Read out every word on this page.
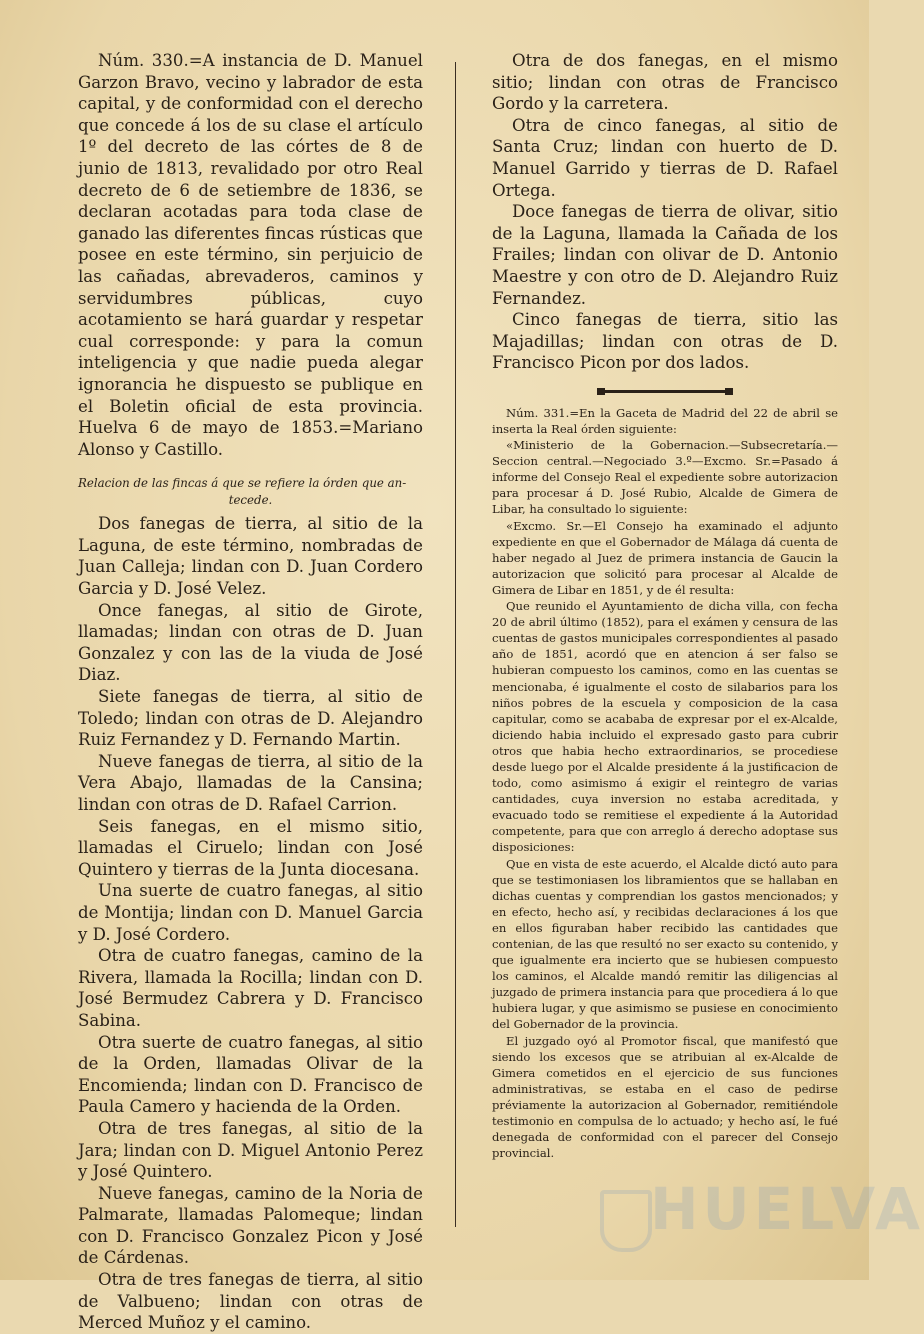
Núm. 330.=A instancia de D. Manuel Garzon Bravo, vecino y labrador de esta capital, y de conformidad con el derecho que concede á los de su clase el artículo 1º del decreto de las córtes de 8 de junio de 1813, revalidado por otro Real decreto de 6 de setiembre de 1836, se declaran acotadas para toda clase de ganado las diferentes fincas rústicas que posee en este término, sin perjuicio de las cañadas, abrevaderos, caminos y servidumbres públicas, cuyo acotamiento se hará guardar y respetar cual corresponde: y para la comun inteligencia y que nadie pueda alegar ignorancia he dispuesto se publique en el Boletin oficial de esta provincia. Huelva 6 de mayo de 1853.=Mariano Alonso y Castillo.

Relacion de las fincas á que se refiere la órden que an-
tecede.

Dos fanegas de tierra, al sitio de la Laguna, de este término, nombradas de Juan Calleja; lindan con D. Juan Cordero Garcia y D. José Velez.

Once fanegas, al sitio de Girote, llamadas; lindan con otras de D. Juan Gonzalez y con las de la viuda de José Diaz.

Siete fanegas de tierra, al sitio de Toledo; lindan con otras de D. Alejandro Ruiz Fernandez y D. Fernando Martin.

Nueve fanegas de tierra, al sitio de la Vera Abajo, llamadas de la Cansina; lindan con otras de D. Rafael Carrion.

Seis fanegas, en el mismo sitio, llamadas el Ciruelo; lindan con José Quintero y tierras de la Junta diocesana.

Una suerte de cuatro fanegas, al sitio de Montija; lindan con D. Manuel Garcia y D. José Cordero.

Otra de cuatro fanegas, camino de la Rivera, llamada la Rocilla; lindan con D. José Bermudez Cabrera y D. Francisco Sabina.

Otra suerte de cuatro fanegas, al sitio de la Orden, llamadas Olivar de la Encomienda; lindan con D. Francisco de Paula Camero y hacienda de la Orden.

Otra de tres fanegas, al sitio de la Jara; lindan con D. Miguel Antonio Perez y José Quintero.

Nueve fanegas, camino de la Noria de Palmarate, llamadas Palomeque; lindan con D. Francisco Gonzalez Picon y José de Cárdenas.

Otra de tres fanegas de tierra, al sitio de Valbueno; lindan con otras de Merced Muñoz y el camino.

Otra de dos fanegas, en el mismo sitio; lindan con otras de Francisco Gordo y la carretera.

Otra de cinco fanegas, al sitio de Santa Cruz; lindan con huerto de D. Manuel Garrido y tierras de D. Rafael Ortega.

Doce fanegas de tierra de olivar, sitio de la Laguna, llamada la Cañada de los Frailes; lindan con olivar de D. Antonio Maestre y con otro de D. Alejandro Ruiz Fernandez.

Cinco fanegas de tierra, sitio las Majadillas; lindan con otras de D. Francisco Picon por dos lados.

Núm. 331.=En la Gaceta de Madrid del 22 de abril se inserta la Real órden siguiente:

«Ministerio de la Gobernacion.—Subsecretaría.—Seccion central.—Negociado 3.º—Excmo. Sr.=Pasado á informe del Consejo Real el expediente sobre autorizacion para procesar á D. José Rubio, Alcalde de Gimera de Libar, ha consultado lo siguiente:

«Excmo. Sr.—El Consejo ha examinado el adjunto expediente en que el Gobernador de Málaga dá cuenta de haber negado al Juez de primera instancia de Gaucin la autorizacion que solicitó para procesar al Alcalde de Gimera de Libar en 1851, y de él resulta:

Que reunido el Ayuntamiento de dicha villa, con fecha 20 de abril último (1852), para el exámen y censura de las cuentas de gastos municipales correspondientes al pasado año de 1851, acordó que en atencion á ser falso se hubieran compuesto los caminos, como en las cuentas se mencionaba, é igualmente el costo de silabarios para los niños pobres de la escuela y composicion de la casa capitular, como se acababa de expresar por el ex-Alcalde, diciendo habia incluido el expresado gasto para cubrir otros que habia hecho extraordinarios, se procediese desde luego por el Alcalde presidente á la justificacion de todo, como asimismo á exigir el reintegro de varias cantidades, cuya inversion no estaba acreditada, y evacuado todo se remitiese el expediente á la Autoridad competente, para que con arreglo á derecho adoptase sus disposiciones:

Que en vista de este acuerdo, el Alcalde dictó auto para que se testimoniasen los libramientos que se hallaban en dichas cuentas y comprendian los gastos mencionados; y en efecto, hecho así, y recibidas declaraciones á los que en ellos figuraban haber recibido las cantidades que contenian, de las que resultó no ser exacto su contenido, y que igualmente era incierto que se hubiesen compuesto los caminos, el Alcalde mandó remitir las diligencias al juzgado de primera instancia para que procediera á lo que hubiera lugar, y que asimismo se pusiese en conocimiento del Gobernador de la provincia.

El juzgado oyó al Promotor fiscal, que manifestó que siendo los excesos que se atribuian al ex-Alcalde de Gimera cometidos en el ejercicio de sus funciones administrativas, se estaba en el caso de pedirse préviamente la autorizacion al Gobernador, remitiéndole testimonio en compulsa de lo actuado; y hecho así, le fué denegada de conformidad con el parecer del Consejo provincial.

HUELVA
